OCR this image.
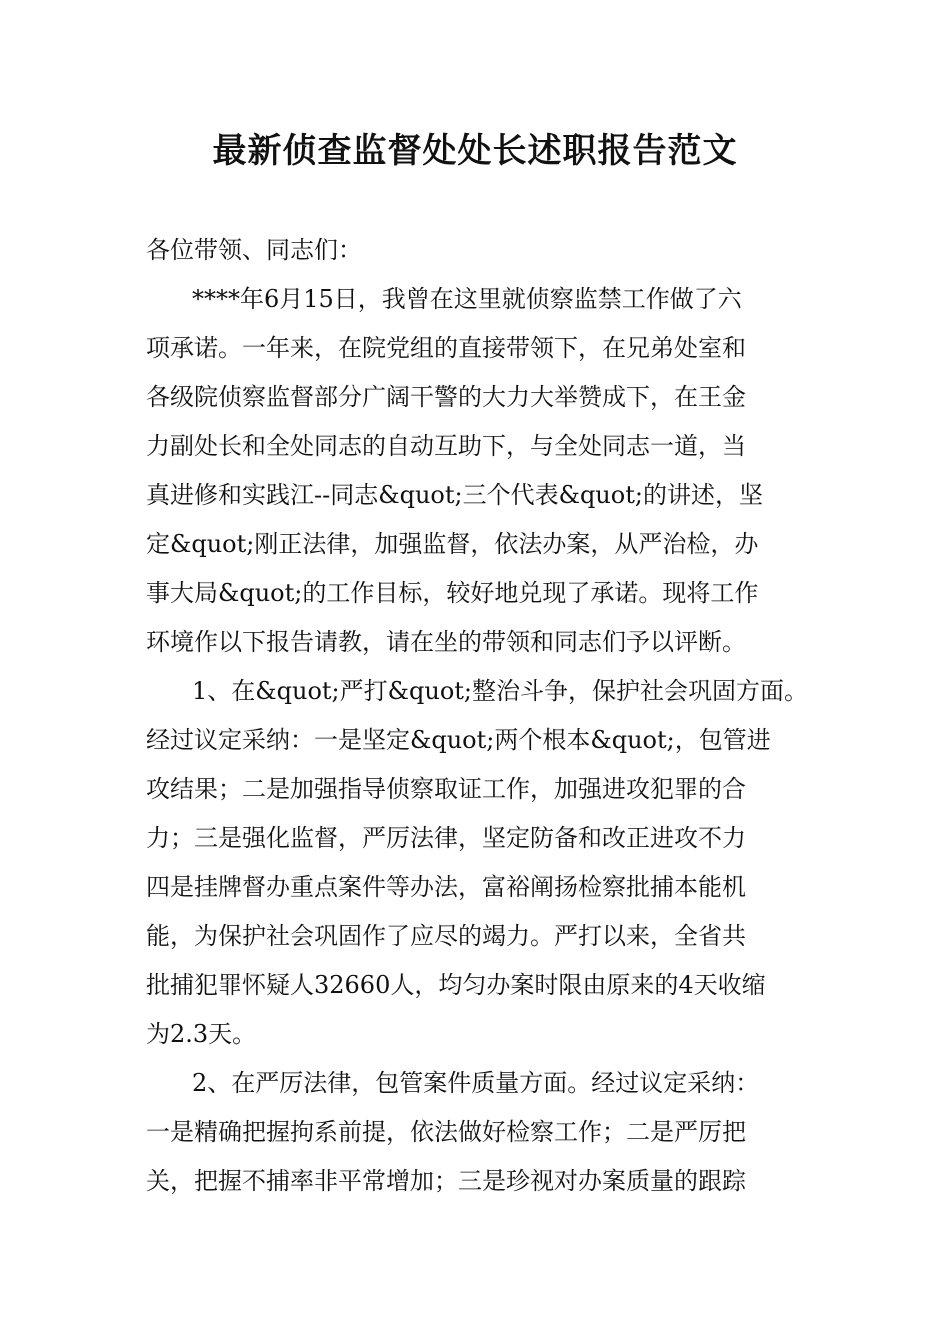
最新侦查监督处处长述职报告范文
各位带领、同志们：
****年6月15日，我曾在这里就侦察监禁工作做了六
项承诺。一年来，在院党组的直接带领下，在兄弟处室和
各级院侦察监督部分广阔干警的大力大举赞成下，在王金
力副处长和全处同志的自动互助下，与全处同志一道，当
真进修和实践江--同志&quot;三个代表&quot;的讲述，坚
定&quot;刚正法律，加强监督，依法办案，从严治检，办
事大局&quot;的工作目标，较好地兑现了承诺。现将工作
环境作以下报告请教，请在坐的带领和同志们予以评断。
1、在&quot;严打&quot;整治斗争，保护社会巩固方面。
经过议定采纳：一是坚定&quot;两个根本&quot;，包管进
攻结果；二是加强指导侦察取证工作，加强进攻犯罪的合
力；三是强化监督，严厉法律，坚定防备和改正进攻不力
四是挂牌督办重点案件等办法，富裕阐扬检察批捕本能机
能，为保护社会巩固作了应尽的竭力。严打以来，全省共
批捕犯罪怀疑人32660人，均匀办案时限由原来的4天收缩
为2.3天。
2、在严厉法律，包管案件质量方面。经过议定采纳：
一是精确把握拘系前提，依法做好检察工作；二是严厉把
关，把握不捕率非平常增加；三是珍视对办案质量的跟踪
